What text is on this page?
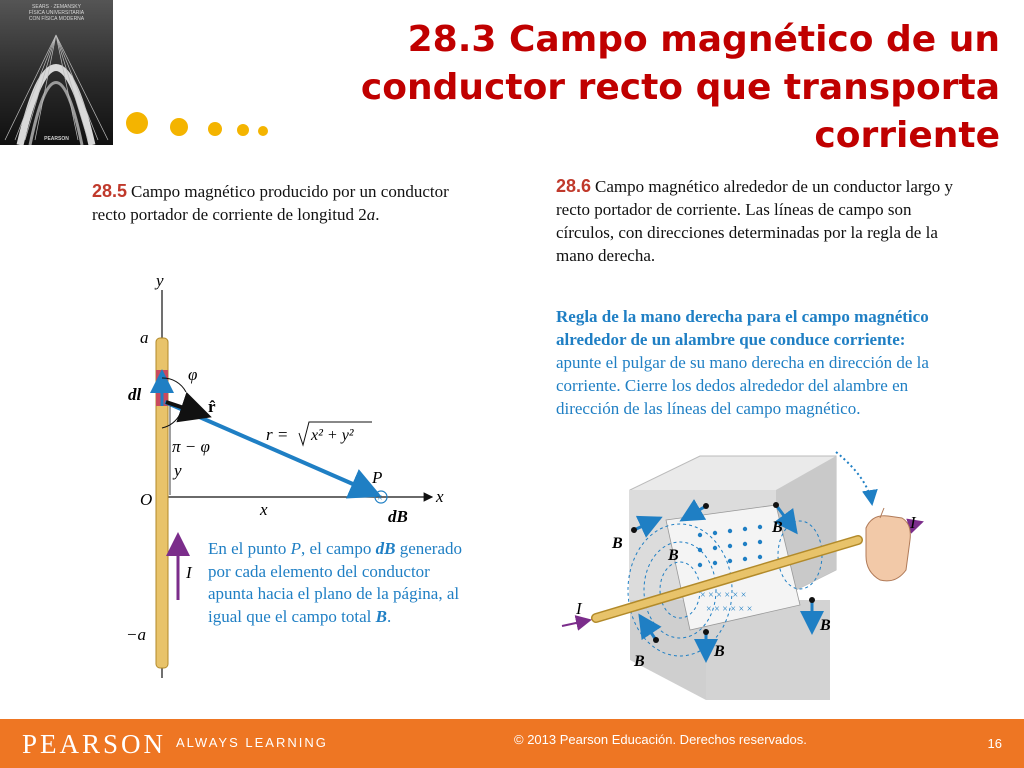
SEARS · ZEMANSKY
FÍSICA UNIVERSITARIA
CON FÍSICA MODERNA
PEARSON
28.3 Campo magnético de un conductor recto que transporta corriente

28.5 Campo magnético producido por un conductor recto portador de corriente de longitud 2a.

×
y
x
a
−a
O
dl
φ
r̂
π − φ
y
x
r = x² + y²
P
dB
I

En el punto P, el campo dB generado por cada elemento del conductor apunta hacia el plano de la página, al igual que el campo total B.

28.6 Campo magnético alrededor de un conductor largo y recto portador de corriente. Las líneas de campo son círculos, con direcciones determinadas por la regla de la mano derecha.

Regla de la mano derecha para el campo magnético alrededor de un alambre que conduce corriente: apunte el pulgar de su mano derecha en dirección de la corriente. Cierre los dedos alrededor del alambre en dirección de las líneas del campo magnético.

× × × × × ×
× × × × × ×
I
I
B
B
B
B
B
B
PEARSON ALWAYS LEARNING	© 2013 Pearson Educación. Derechos reservados.	16
